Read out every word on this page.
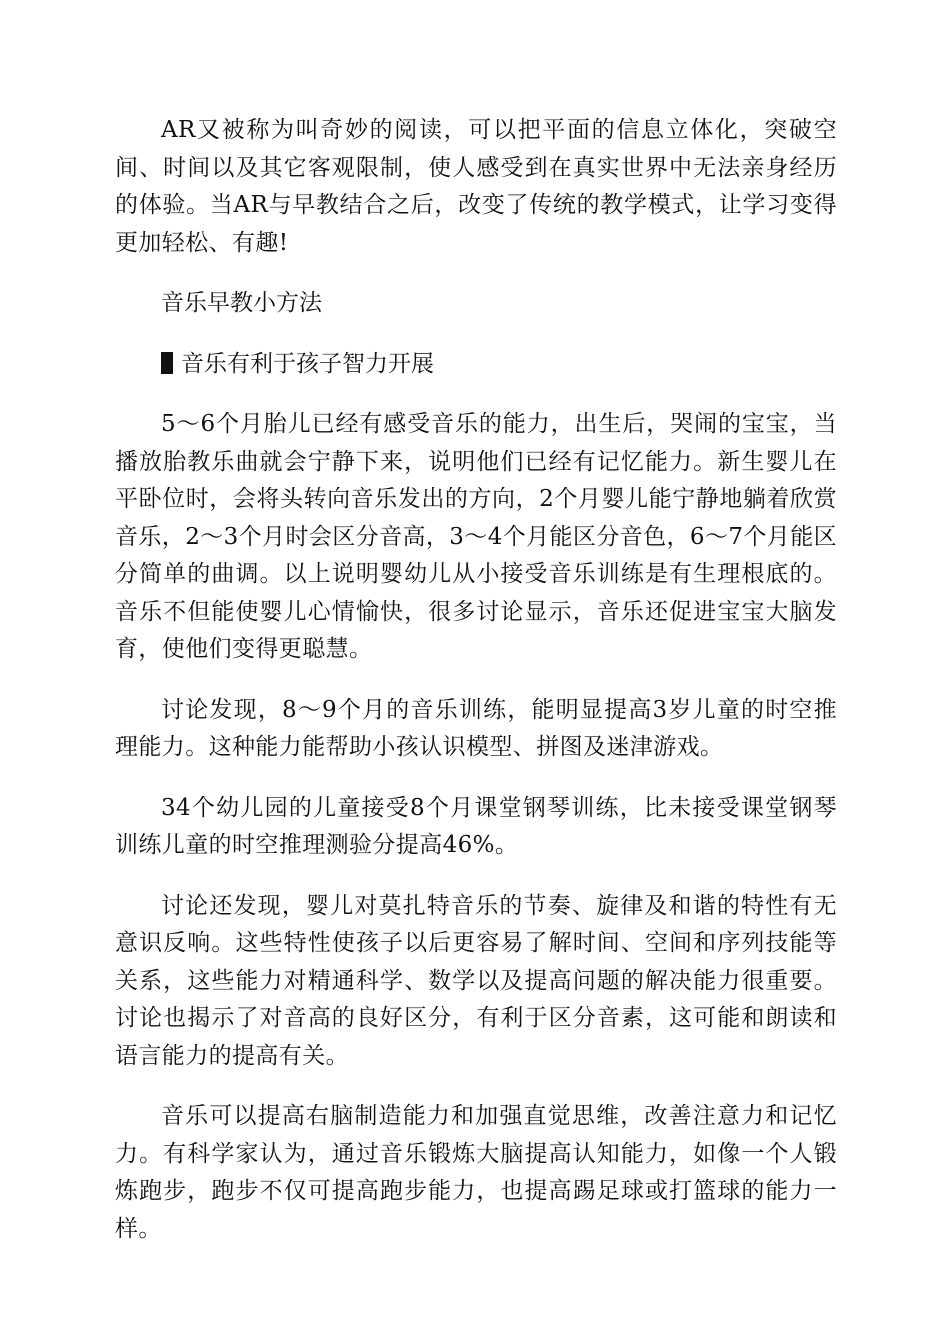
AR又被称为叫奇妙的阅读，可以把平面的信息立体化，突破空间、时间以及其它客观限制，使人感受到在真实世界中无法亲身经历的体验。当AR与早教结合之后，改变了传统的教学模式，让学习变得更加轻松、有趣!

音乐早教小方法

音乐有利于孩子智力开展

5～6个月胎儿已经有感受音乐的能力，出生后，哭闹的宝宝，当播放胎教乐曲就会宁静下来，说明他们已经有记忆能力。新生婴儿在平卧位时，会将头转向音乐发出的方向，2个月婴儿能宁静地躺着欣赏音乐，2～3个月时会区分音高，3～4个月能区分音色，6～7个月能区分简单的曲调。以上说明婴幼儿从小接受音乐训练是有生理根底的。音乐不但能使婴儿心情愉快，很多讨论显示，音乐还促进宝宝大脑发育，使他们变得更聪慧。

讨论发现，8～9个月的音乐训练，能明显提高3岁儿童的时空推理能力。这种能力能帮助小孩认识模型、拼图及迷津游戏。

34个幼儿园的儿童接受8个月课堂钢琴训练，比未接受课堂钢琴训练儿童的时空推理测验分提高46%。

讨论还发现，婴儿对莫扎特音乐的节奏、旋律及和谐的特性有无意识反响。这些特性使孩子以后更容易了解时间、空间和序列技能等关系，这些能力对精通科学、数学以及提高问题的解决能力很重要。讨论也揭示了对音高的良好区分，有利于区分音素，这可能和朗读和语言能力的提高有关。

音乐可以提高右脑制造能力和加强直觉思维，改善注意力和记忆力。有科学家认为，通过音乐锻炼大脑提高认知能力，如像一个人锻炼跑步，跑步不仅可提高跑步能力，也提高踢足球或打篮球的能力一样。
